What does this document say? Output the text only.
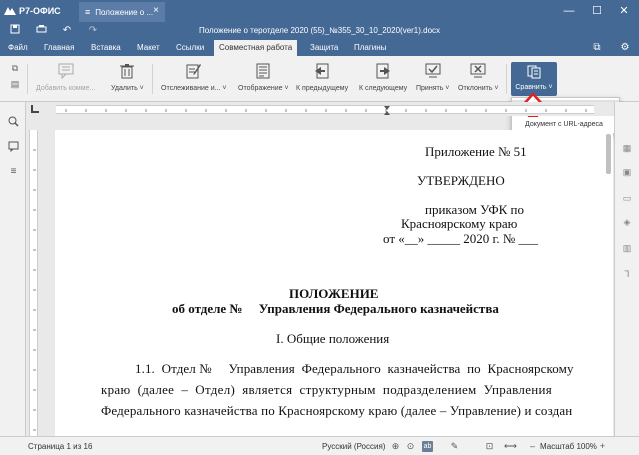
Р7-ОФИС	≡ Положение о ... ×	— ☐	✕
Положение о теротделе 2020 (55)_№355_30_10_2020(ver1).docx
↶ ↷
Файл Главная Вставка Макет Ссылки	Совместная работа	Защита Плагины	⧉	⚙
⧉
▤ Добавить комме... Удалить ˅ Отслеживание и... ˅ Отображение ˅ К предыдущему К следующему Принять ˅ Отклонить ˅ Сравнить ˅
Документ с URL-адреса
≡
▦
▣
▭
◈
▥
Ꞁ
Приложение № 51
УТВЕРЖДЕНО
приказом УФК по
Красноярскому краю
от «__» _____ 2020 г. № ___
ПОЛОЖЕНИЕ
об отделе №     Управления Федерального казначейства
I. Общие положения
1.1.  Отдел №     Управления  Федерального  казначейства  по  Красноярскому
краю  (далее  –  Отдел)  является  структурным  подразделением  Управления
Федерального казначейства по Красноярскому краю (далее – Управление) и создан
Страница 1 из 16	Русский (Россия) ⊕ ⊙ ab ✎	⊡ ⟷	– Масштаб 100% +
